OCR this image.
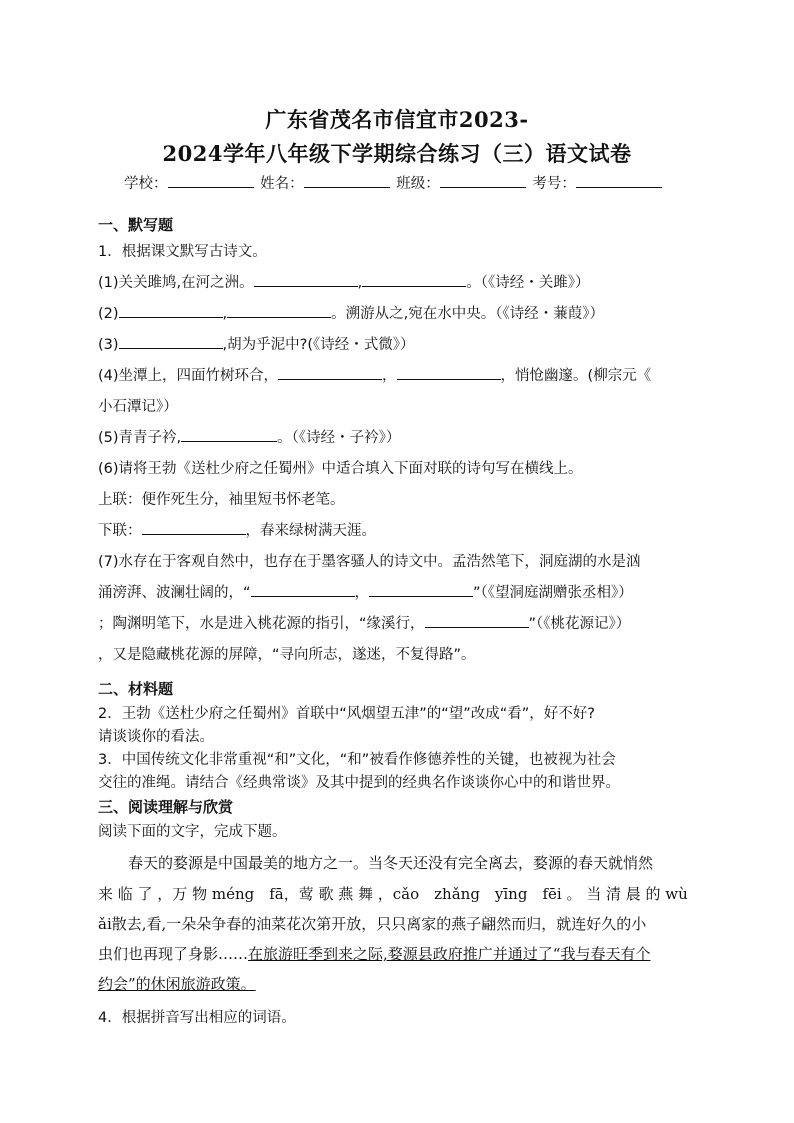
广东省茂名市信宜市2023-
2024学年八年级下学期综合练习（三）语文试卷
学校：	姓名：	班级：	考号：
一、默写题
1．根据课文默写古诗文。
(1)关关雎鸠,在河之洲。	,	。（《诗经・关雎》）
(2)	,	。溯游从之,宛在水中央。（《诗经・蒹葭》）
(3)	,胡为乎泥中?(《诗经・式微》）
(4)坐潭上，四面竹树环合，	，	，悄怆幽邃。(柳宗元《
小石潭记》）
(5)青青子衿,	。（《诗经・子衿》）
(6)请将王勃《送杜少府之任蜀州》中适合填入下面对联的诗句写在横线上。
上联：便作死生分，袖里短书怀老笔。
下联：	，春来绿树满天涯。
(7)水存在于客观自然中，也存在于墨客骚人的诗文中。孟浩然笔下，洞庭湖的水是汹
涌滂湃、波澜壮阔的，“	，	”（《望洞庭湖赠张丞相》）
；陶渊明笔下，水是进入桃花源的指引，“缘溪行，	”（《桃花源记》）
，又是隐藏桃花源的屏障，“寻向所志，遂迷，不复得路”。
二、材料题
2．王勃《送杜少府之任蜀州》首联中“风烟望五津”的“望”改成“看”，好不好?
请谈谈你的看法。
3．中国传统文化非常重视“和”文化，“和”被看作修德养性的关键，也被视为社会
交往的准绳。请结合《经典常谈》及其中提到的经典名作谈谈你心中的和谐世界。
三、阅读理解与欣赏
阅读下面的文字，完成下题。
　　春天的婺源是中国最美的地方之一。当冬天还没有完全离去，婺源的春天就悄然
来 临 了 ，万 物 méng　fā，莺 歌 燕 舞 ，cǎo　zhǎng　yīng　fēi 。 当 清 晨 的 wù
ǎi散去,看,一朵朵争春的油菜花次第开放，只只离家的燕子翩然而归，就连好久的小
虫们也再现了身影……在旅游旺季到来之际,婺源县政府推广并通过了“我与春天有个
约会”的休闲旅游政策。
4．根据拼音写出相应的词语。
